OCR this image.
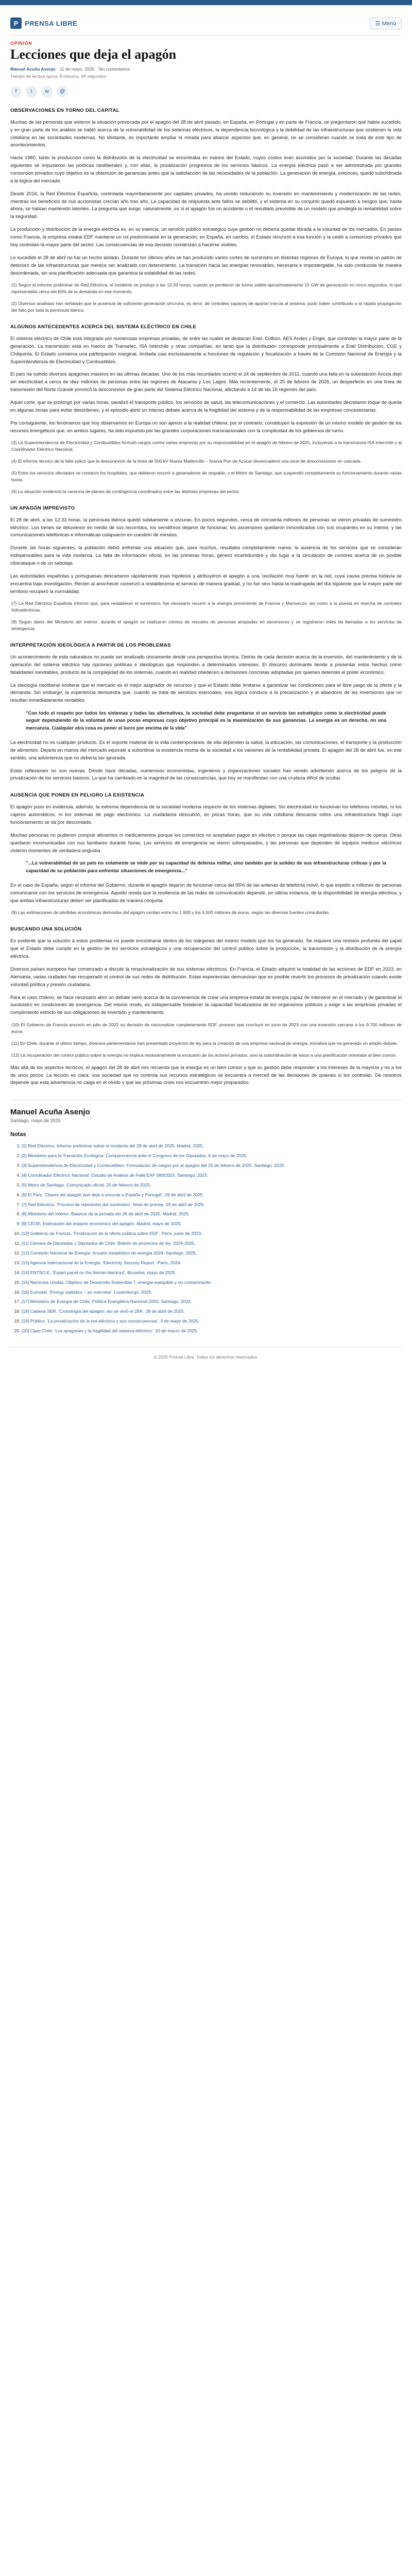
P PRENSA LIBRE	☰ Menú
OPINIÓN
Lecciones que deja el apagón
Manuel Acuña Asenjo 11 de mayo, 2025 Sin comentarios
Tiempo de lectura aprox: 8 minutos, 48 segundos
f	t	w	@
OBSERVACIONES EN TORNO DEL CAPITAL

Muchas de las personas que vivieron la situación provocada por el apagón del 28 de abril pasado, en España, en Portugal y en parte de Francia, se preguntaron qué había sucedido, y en gran parte de los análisis se habló acerca de la vulnerabilidad de los sistemas eléctricos, la dependencia tecnológica y la debilidad de las infraestructuras que sostienen la vida cotidiana en las sociedades modernas. No obstante, es importante ampliar la mirada para abarcar aspectos que, en general, no se consideran cuando se trata de este tipo de acontecimientos.

Hacia 1980, tanto la producción como la distribución de la electricidad se encontraba en manos del Estado, cuyos costos eran asumidos por la sociedad. Durante las décadas siguientes se impusieron las políticas neoliberales y, con ellas, la privatización progresiva de los servicios básicos. La energía eléctrica pasó a ser administrada por grandes consorcios privados cuyo objetivo es la obtención de ganancias antes que la satisfacción de las necesidades de la población. La generación de energía, entonces, quedó subordinada a la lógica del mercado.

Desde 2016, la Red Eléctrica Española, controlada mayoritariamente por capitales privados, ha venido reduciendo su inversión en mantenimiento y modernización de las redes, mientras los beneficios de sus accionistas crecían año tras año. La capacidad de respuesta ante fallos se debilitó, y el sistema en su conjunto quedó expuesto a riesgos que, hasta ahora, se habían mantenido latentes. La pregunta que surge, naturalmente, es si el apagón fue un accidente o el resultado previsible de un modelo que privilegia la rentabilidad sobre la seguridad.

La producción y distribución de la energía eléctrica es, en su esencia, un servicio público estratégico cuya gestión no debería quedar librada a la voluntad de los mercados. En países como Francia, la empresa estatal EDF mantiene un rol predominante en la generación; en España, en cambio, el Estado renunció a esa función y la cedió a consorcios privados que hoy controlan la mayor parte del sector. Las consecuencias de esa decisión comienzan a hacerse visibles.

Lo sucedido el 28 de abril no fue un hecho aislado. Durante los últimos años se han producido varios cortes de suministro en distintas regiones de Europa, lo que revela un patrón de deterioro de las infraestructuras que merece ser analizado con detenimiento. La transición hacia las energías renovables, necesaria e impostergable, ha sido conducida de manera desordenada, sin una planificación adecuada que garantice la estabilidad de las redes.

(1) Según el informe preliminar de Red Eléctrica, el incidente se produjo a las 12:33 horas, cuando se perdieron de forma súbita aproximadamente 15 GW de generación en cinco segundos, lo que representaba cerca del 60% de la demanda en ese momento.

(2) Diversos analistas han señalado que la ausencia de suficiente generación síncrona, es decir, de centrales capaces de aportar inercia al sistema, pudo haber contribuido a la rápida propagación del fallo por toda la península ibérica.

ALGUNOS ANTECEDENTES ACERCA DEL SISTEMA ELÉCTRICO EN CHILE

El sistema eléctrico de Chile está integrado por numerosas empresas privadas, de entre las cuales se destacan Enel, Colbún, AES Andes y Engie, que controlan la mayor parte de la generación. La transmisión está en manos de Transelec, ISA Interchile y otras compañías, en tanto que la distribución corresponde principalmente a Enel Distribución, CGE y Chilquinta. El Estado conserva una participación marginal, limitada casi exclusivamente a funciones de regulación y fiscalización a través de la Comisión Nacional de Energía y la Superintendencia de Electricidad y Combustibles.

El país ha sufrido diversos apagones masivos en las últimas décadas. Uno de los más recordados ocurrió el 24 de septiembre de 2011, cuando una falla en la subestación Ancoa dejó sin electricidad a cerca de diez millones de personas entre las regiones de Atacama y Los Lagos. Más recientemente, el 25 de febrero de 2025, un desperfecto en una línea de transmisión del Norte Grande provocó la desconexión de gran parte del Sistema Eléctrico Nacional, afectando a 14 de las 16 regiones del país.

Aquel corte, que se prolongó por varias horas, paralizó el transporte público, los servicios de salud, las telecomunicaciones y el comercio. Las autoridades decretaron toque de queda en algunas zonas para evitar desórdenes, y el episodio abrió un intenso debate acerca de la fragilidad del sistema y de la responsabilidad de las empresas concesionarias.

Por consiguiente, los fenómenos que hoy observamos en Europa no son ajenos a la realidad chilena; por el contrario, constituyen la expresión de un mismo modelo de gestión de los recursos energéticos que, en ambos lugares, ha sido impuesto por las grandes corporaciones transnacionales con la complicidad de los gobiernos de turno.

(3) La Superintendencia de Electricidad y Combustibles formuló cargos contra varias empresas por su responsabilidad en el apagón de febrero de 2025, incluyendo a la transmisora ISA Interchile y al Coordinador Eléctrico Nacional.

(4) El informe técnico de la falla indicó que la desconexión de la línea de 500 kV Nueva Maitencillo – Nueva Pan de Azúcar desencadenó una serie de desconexiones en cascada.

(5) Entre los servicios afectados se contaron los hospitales, que debieron recurrir a generadores de respaldo, y el Metro de Santiago, que suspendió completamente su funcionamiento durante varias horas.

(6) La situación evidenció la carencia de planes de contingencia coordinados entre las distintas empresas del sector.

UN APAGÓN IMPREVISTO

El 28 de abril, a las 12:33 horas, la península ibérica quedó súbitamente a oscuras. En pocos segundos, cerca de cincuenta millones de personas se vieron privadas de suministro eléctrico. Los trenes se detuvieron en medio de sus recorridos, los semáforos dejaron de funcionar, los ascensores quedaron inmovilizados con sus ocupantes en su interior, y las comunicaciones telefónicas e informáticas colapsaron en cuestión de minutos.

Durante las horas siguientes, la población debió enfrentar una situación que, para muchos, resultaba completamente nueva: la ausencia de los servicios que se consideran indispensables para la vida moderna. La falta de información oficial, en las primeras horas, generó incertidumbre y dio lugar a la circulación de rumores acerca de un posible ciberataque o de un sabotaje.

Las autoridades españolas y portuguesas descartaron rápidamente esas hipótesis y atribuyeron el apagón a una 'oscilación muy fuerte' en la red, cuya causa precisa todavía se encuentra bajo investigación. Recién al anochecer comenzó a restablecerse el servicio de manera gradual, y no fue sino hasta la madrugada del día siguiente que la mayor parte del territorio recuperó la normalidad.

(7) La Red Eléctrica Española informó que, para restablecer el suministro, fue necesario recurrir a la energía proveniente de Francia y Marruecos, así como a la puesta en marcha de centrales hidroeléctricas.

(8) Según datos del Ministerio del Interior, durante el apagón se realizaron cientos de rescates de personas atrapadas en ascensores y se registraron miles de llamadas a los servicios de emergencia.

INTERPRETACIÓN IDEOLÓGICA A PARTIR DE LOS PROBLEMAS

Un acontecimiento de esta naturaleza no puede ser analizado únicamente desde una perspectiva técnica. Detrás de cada decisión acerca de la inversión, del mantenimiento y de la operación del sistema eléctrico hay opciones políticas e ideológicas que responden a determinados intereses. El discurso dominante tiende a presentar estos hechos como fatalidades inevitables, producto de la complejidad de los sistemas, cuando en realidad obedecen a decisiones concretas adoptadas por quienes detentan el poder económico.

La ideología neoliberal sostiene que el mercado es el mejor asignador de recursos y que el Estado debe limitarse a garantizar las condiciones para el libre juego de la oferta y la demanda. Sin embargo, la experiencia demuestra que, cuando se trata de servicios esenciales, esa lógica conduce a la precarización y al abandono de las inversiones que no resultan inmediatamente rentables.

"Con todo el respeto por todos los sistemas y todas las alternativas, la sociedad debe preguntarse si un servicio tan estratégico como la electricidad puede seguir dependiendo de la voluntad de unas pocas empresas cuyo objetivo principal es la maximización de sus ganancias. La energía es un derecho, no una mercancía. Cualquier otra cosa es poner el lucro por encima de la vida"

La electricidad no es cualquier producto. Es el soporte material de la vida contemporánea: de ella dependen la salud, la educación, las comunicaciones, el transporte y la producción de alimentos. Dejarla en manos del mercado equivale a subordinar la existencia misma de la sociedad a los vaivenes de la rentabilidad privada. El apagón del 28 de abril fue, en ese sentido, una advertencia que no debería ser ignorada.

Estas reflexiones no son nuevas. Desde hace décadas, numerosos economistas, ingenieros y organizaciones sociales han venido advirtiendo acerca de los peligros de la privatización de los servicios básicos. Lo que ha cambiado es la magnitud de las consecuencias, que hoy se manifiestan con una crudeza difícil de ocultar.

AUSENCIA QUE PONEN EN PELIGRO LA EXISTENCIA

El apagón puso en evidencia, además, la extrema dependencia de la sociedad moderna respecto de los sistemas digitales. Sin electricidad no funcionan los teléfonos móviles, ni los cajeros automáticos, ni los sistemas de pago electrónico. La ciudadanía descubrió, en pocas horas, que su vida cotidiana descansa sobre una infraestructura frágil cuyo funcionamiento se da por descontado.

Muchas personas no pudieron comprar alimentos ni medicamentos porque los comercios no aceptaban pagos en efectivo o porque las cajas registradoras dejaron de operar. Otras quedaron incomunicadas con sus familiares durante horas. Los servicios de emergencia se vieron sobrepasados, y las personas que dependen de equipos médicos eléctricos vivieron momentos de verdadera angustia.

"...La vulnerabilidad de un país no solamente se mide por su capacidad de defensa militar, sino también por la solidez de sus infraestructuras críticas y por la capacidad de su población para enfrentar situaciones de emergencia..."

En el caso de España, según el informe del Gobierno, durante el apagón dejaron de funcionar cerca del 95% de las antenas de telefonía móvil, lo que impidió a millones de personas comunicarse con los servicios de emergencia. Aquello revela que la resiliencia de las redes de comunicación depende, en última instancia, de la disponibilidad de energía eléctrica, y que ambas infraestructuras deben ser planificadas de manera conjunta.

(9) Las estimaciones de pérdidas económicas derivadas del apagón oscilan entre los 1.600 y los 4.500 millones de euros, según las diversas fuentes consultadas.

BUSCANDO UNA SOLUCIÓN

Es evidente que la solución a estos problemas no puede encontrarse dentro de los márgenes del mismo modelo que los ha generado. Se requiere una revisión profunda del papel que el Estado debe cumplir en la gestión de los servicios estratégicos y una recuperación del control público sobre la producción, la transmisión y la distribución de la energía eléctrica.

Diversos países europeos han comenzado a discutir la renacionalización de sus sistemas eléctricos. En Francia, el Estado adquirió la totalidad de las acciones de EDF en 2023; en Alemania, varias ciudades han recuperado el control de sus redes de distribución. Estas experiencias demuestran que es posible revertir los procesos de privatización cuando existe voluntad política y presión ciudadana.

Para el caso chileno, se hace necesario abrir un debate serio acerca de la conveniencia de crear una empresa estatal de energía capaz de intervenir en el mercado y de garantizar el suministro en condiciones de emergencia. Del mismo modo, es indispensable fortalecer la capacidad fiscalizadora de los organismos públicos y exigir a las empresas privadas el cumplimiento estricto de sus obligaciones de inversión y mantenimiento.

(10) El Gobierno de Francia anunció en julio de 2022 su decisión de nacionalizar completamente EDF, proceso que concluyó en junio de 2023 con una inversión cercana a los 9.700 millones de euros.

(11) En Chile, durante el último tiempo, diversos parlamentarios han presentado proyectos de ley para la creación de una empresa nacional de energía, iniciativa que ha generado un amplio debate.

(12) La recuperación del control público sobre la energía no implica necesariamente la exclusión de los actores privados, sino la subordinación de estos a una planificación orientada al bien común.

Más allá de los aspectos técnicos, el apagón del 28 de abril nos recuerda que la energía es un bien común y que su gestión debe responder a los intereses de la mayoría y no a los de unos pocos. La lección es clara: una sociedad que no controla sus recursos estratégicos se encuentra a merced de las decisiones de quienes sí los controlan. De nosotros depende que esta advertencia no caiga en el olvido y que las próximas crisis nos encuentren mejor preparados.

Manuel Acuña Asenjo
Santiago, mayo de 2025
Notas
1. [1] Red Eléctrica. Informe preliminar sobre el incidente del 28 de abril de 2025. Madrid, 2025.
2. [2] Ministerio para la Transición Ecológica. Comparecencia ante el Congreso de los Diputados, 6 de mayo de 2025.
3. [3] Superintendencia de Electricidad y Combustibles. Formulación de cargos por el apagón del 25 de febrero de 2025. Santiago, 2025.
4. [4] Coordinador Eléctrico Nacional. Estudio de Análisis de Falla EAF 089/2025. Santiago, 2025.
5. [5] Metro de Santiago. Comunicado oficial, 25 de febrero de 2025.
6. [6] El País. 'Claves del apagón que dejó a oscuras a España y Portugal'. 29 de abril de 2025.
7. [7] Red Eléctrica. 'Proceso de reposición del suministro'. Nota de prensa, 29 de abril de 2025.
8. [8] Ministerio del Interior. Balance de la jornada del 28 de abril de 2025. Madrid, 2025.
9. [9] CEOE. Estimación del impacto económico del apagón. Madrid, mayo de 2025.
10. [10] Gobierno de Francia. 'Finalización de la oferta pública sobre EDF'. París, junio de 2023.
11. [11] Cámara de Diputadas y Diputados de Chile. Boletín de proyectos de ley, 2024-2025.
12. [12] Comisión Nacional de Energía. Anuario estadístico de energía 2024. Santiago, 2025.
13. [13] Agencia Internacional de la Energía. 'Electricity Security Report'. París, 2024.
14. [14] ENTSO-E. 'Expert panel on the Iberian blackout'. Bruselas, mayo de 2025.
15. [15] Naciones Unidas. Objetivo de Desarrollo Sostenible 7: energía asequible y no contaminante.
16. [16] Eurostat. 'Energy statistics – an overview'. Luxemburgo, 2025.
17. [17] Ministerio de Energía de Chile. Política Energética Nacional 2050. Santiago, 2022.
18. [18] Cadena SER. 'Cronología del apagón: así se vivió el 28A'. 28 de abril de 2025.
19. [19] Público. 'La privatización de la red eléctrica y sus consecuencias'. 3 de mayo de 2025.
20. [20] Ciper Chile. 'Los apagones y la fragilidad del sistema eléctrico'. 10 de marzo de 2025.
© 2025 Prensa Libre. Todos los derechos reservados.
